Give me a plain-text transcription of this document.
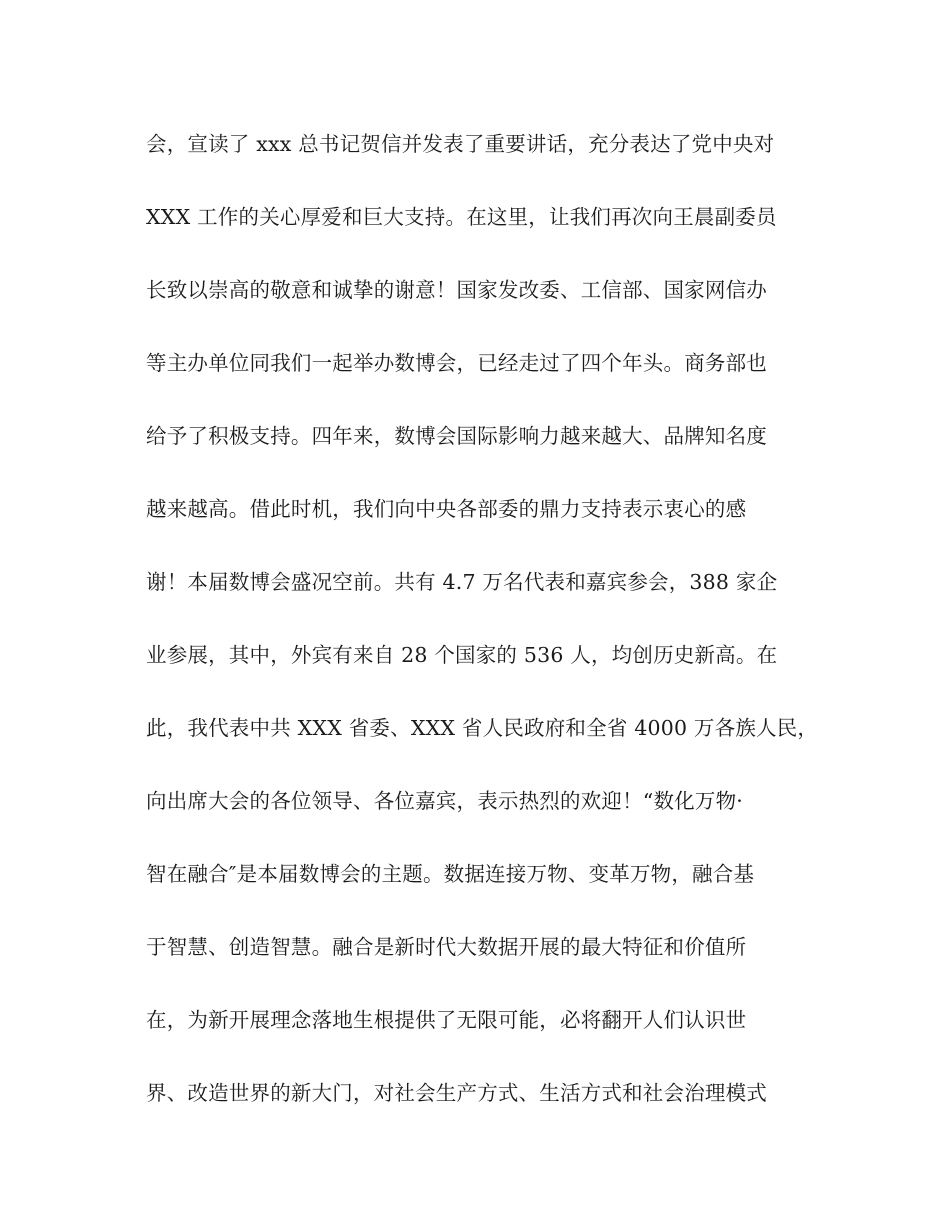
会，宣读了 xxx 总书记贺信并发表了重要讲话，充分表达了党中央对
XXX 工作的关心厚爱和巨大支持。在这里，让我们再次向王晨副委员
长致以崇高的敬意和诚挚的谢意！国家发改委、工信部、国家网信办
等主办单位同我们一起举办数博会，已经走过了四个年头。商务部也
给予了积极支持。四年来，数博会国际影响力越来越大、品牌知名度
越来越高。借此时机，我们向中央各部委的鼎力支持表示衷心的感
谢！本届数博会盛况空前。共有 4.7 万名代表和嘉宾参会，388 家企
业参展，其中，外宾有来自 28 个国家的 536 人，均创历史新高。在
此，我代表中共 XXX 省委、XXX 省人民政府和全省 4000 万各族人民，
向出席大会的各位领导、各位嘉宾，表示热烈的欢迎！“数化万物·
智在融合″是本届数博会的主题。数据连接万物、变革万物，融合基
于智慧、创造智慧。融合是新时代大数据开展的最大特征和价值所
在，为新开展理念落地生根提供了无限可能，必将翻开人们认识世
界、改造世界的新大门，对社会生产方式、生活方式和社会治理模式
